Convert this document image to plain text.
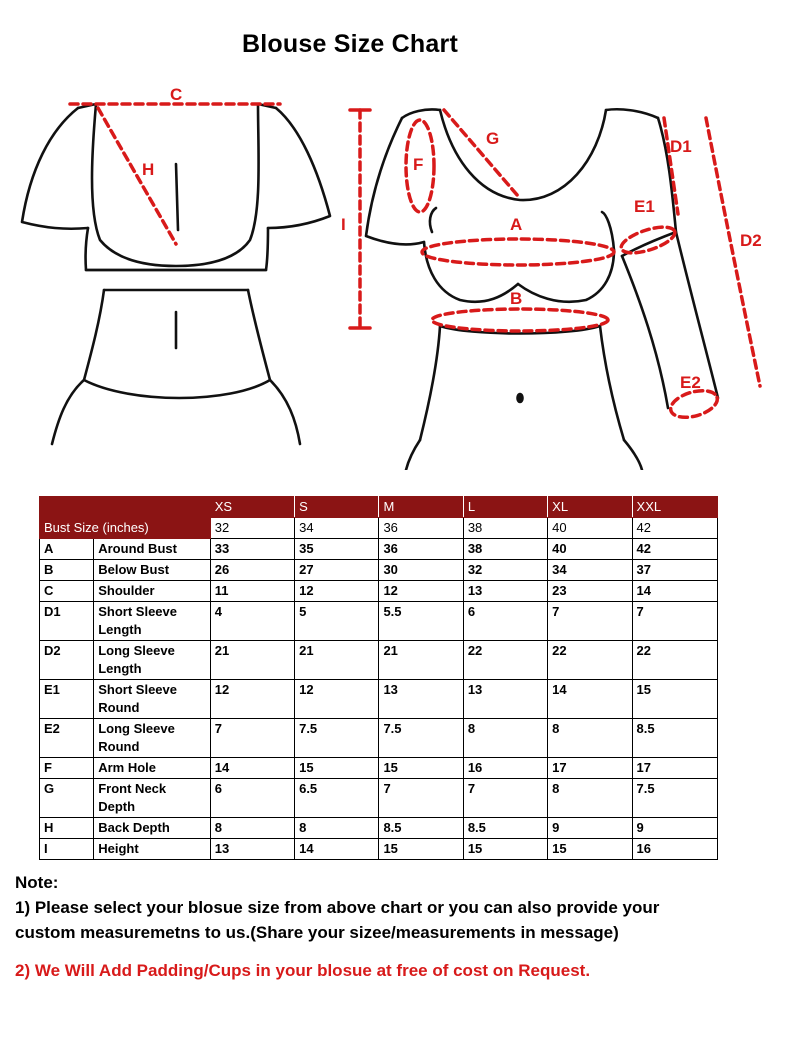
Blouse Size Chart
C
H
G
F
I	A
B
D1
D2
E1
E2
		XS	S	M	L	XL	XXL
Bust Size (inches)		32	34	36	38	40	42
A	Around Bust	33	35	36	38	40	42
B	Below Bust	26	27	30	32	34	37
C	Shoulder	11	12	12	13	23	14
D1	Short Sleeve Length	4	5	5.5	6	7	7
D2	Long Sleeve Length	21	21	21	22	22	22
E1	Short Sleeve Round	12	12	13	13	14	15
E2	Long Sleeve Round	7	7.5	7.5	8	8	8.5
F	Arm Hole	14	15	15	16	17	17
G	Front Neck Depth	6	6.5	7	7	8	7.5
H	Back Depth	8	8	8.5	8.5	9	9
I	Height	13	14	15	15	15	16
Note:
1) Please select your blosue size from above chart or you can also provide your
custom measuremetns to us.(Share your sizee/measurements in message)
2) We Will Add Padding/Cups in your blosue at free of cost on Request.
